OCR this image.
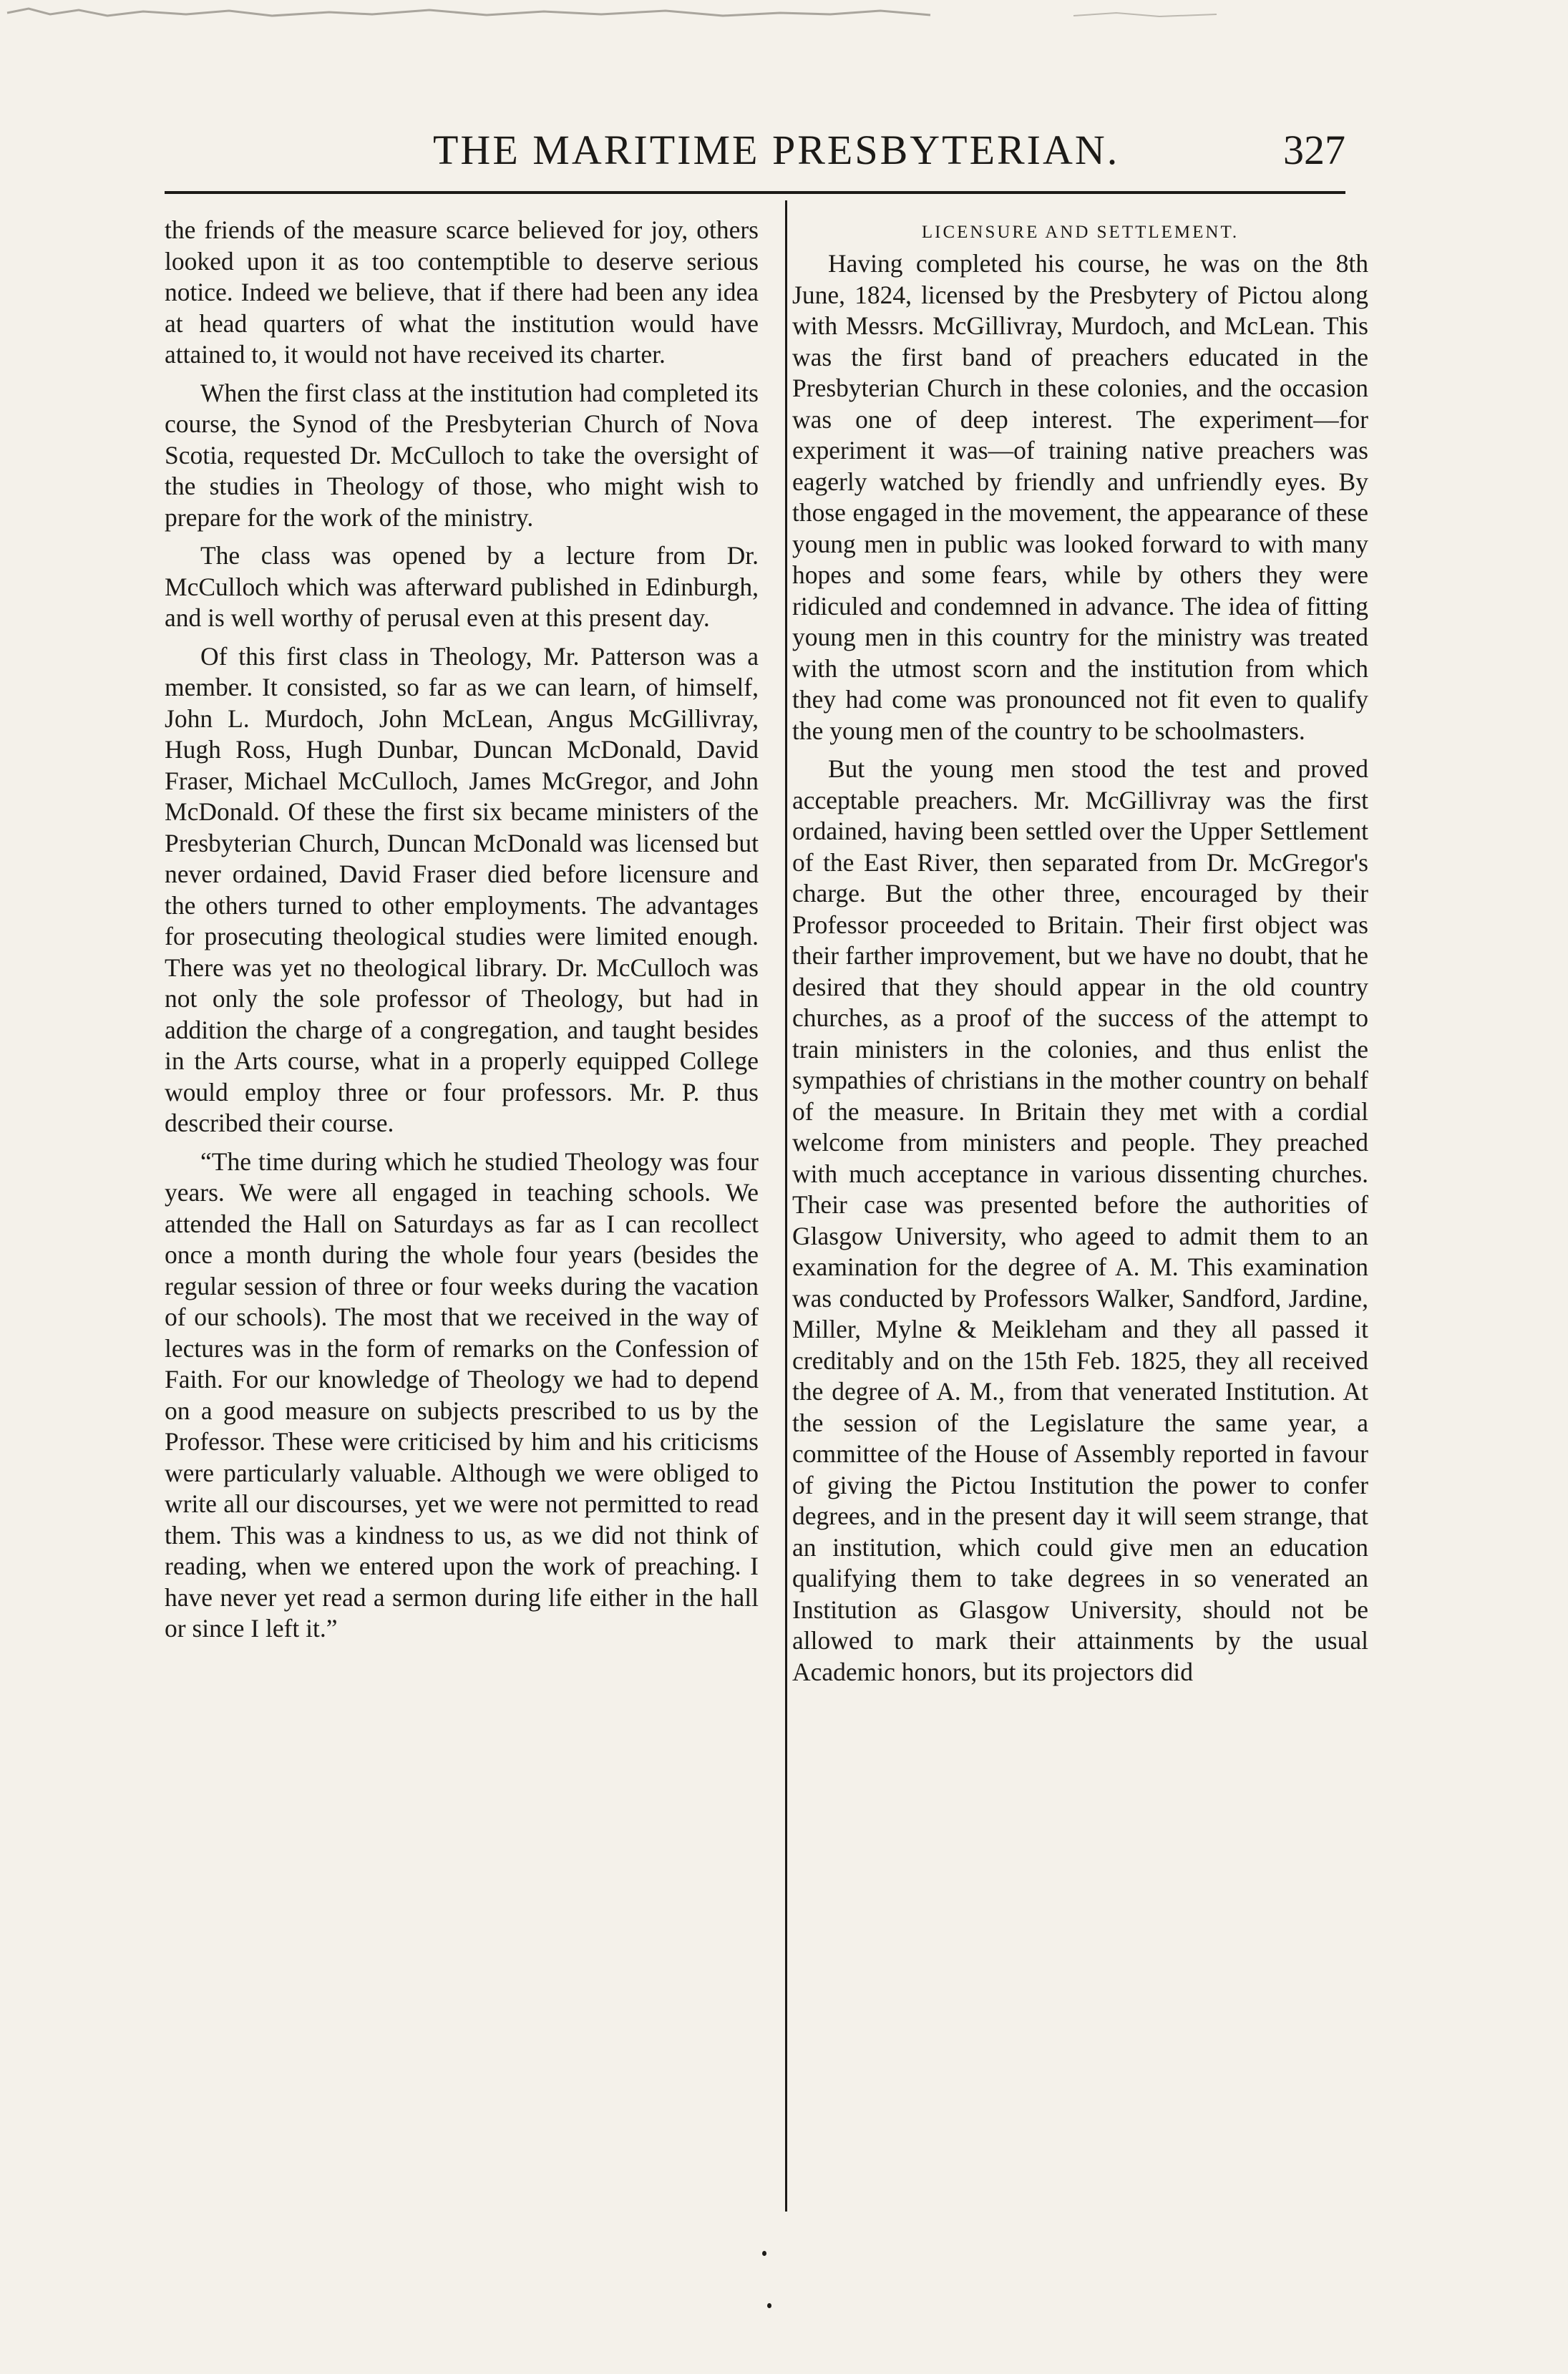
THE MARITIME PRESBYTERIAN.	327

the friends of the measure scarce believed for joy, others looked upon it as too contemptible to deserve serious notice. Indeed we believe, that if there had been any idea at head quarters of what the institution would have attained to, it would not have received its charter.

When the first class at the institution had completed its course, the Synod of the Presbyterian Church of Nova Scotia, requested Dr. McCulloch to take the oversight of the studies in Theology of those, who might wish to prepare for the work of the ministry.

The class was opened by a lecture from Dr. McCulloch which was afterward published in Edinburgh, and is well worthy of perusal even at this present day.

Of this first class in Theology, Mr. Patterson was a member. It consisted, so far as we can learn, of himself, John L. Murdoch, John McLean, Angus McGillivray, Hugh Ross, Hugh Dunbar, Duncan McDonald, David Fraser, Michael McCulloch, James McGregor, and John McDonald. Of these the first six became ministers of the Presbyterian Church, Duncan McDonald was licensed but never ordained, David Fraser died before licensure and the others turned to other employments. The advantages for prosecuting theological studies were limited enough. There was yet no theological library. Dr. McCulloch was not only the sole professor of Theology, but had in addition the charge of a congregation, and taught besides in the Arts course, what in a properly equipped College would employ three or four professors. Mr. P. thus described their course.

“The time during which he studied Theology was four years. We were all engaged in teaching schools. We attended the Hall on Saturdays as far as I can recollect once a month during the whole four years (besides the regular session of three or four weeks during the vacation of our schools). The most that we received in the way of lectures was in the form of remarks on the Confession of Faith. For our knowledge of Theology we had to depend on a good measure on subjects prescribed to us by the Professor. These were criticised by him and his criticisms were particularly valuable. Although we were obliged to write all our discourses, yet we were not permitted to read them. This was a kindness to us, as we did not think of reading, when we entered upon the work of preaching. I have never yet read a sermon during life either in the hall or since I left it.”

LICENSURE AND SETTLEMENT.

Having completed his course, he was on the 8th June, 1824, licensed by the Presbytery of Pictou along with Messrs. McGillivray, Murdoch, and McLean. This was the first band of preachers educated in the Presbyterian Church in these colonies, and the occasion was one of deep interest. The experiment—for experiment it was—of training native preachers was eagerly watched by friendly and unfriendly eyes. By those engaged in the movement, the appearance of these young men in public was looked forward to with many hopes and some fears, while by others they were ridiculed and condemned in advance. The idea of fitting young men in this country for the ministry was treated with the utmost scorn and the institution from which they had come was pronounced not fit even to qualify the young men of the country to be schoolmasters.

But the young men stood the test and proved acceptable preachers. Mr. McGillivray was the first ordained, having been settled over the Upper Settlement of the East River, then separated from Dr. McGregor's charge. But the other three, encouraged by their Professor proceeded to Britain. Their first object was their farther improvement, but we have no doubt, that he desired that they should appear in the old country churches, as a proof of the success of the attempt to train ministers in the colonies, and thus enlist the sympathies of christians in the mother country on behalf of the measure. In Britain they met with a cordial welcome from ministers and people. They preached with much acceptance in various dissenting churches. Their case was presented before the authorities of Glasgow University, who ageed to admit them to an examination for the degree of A. M. This examination was conducted by Professors Walker, Sandford, Jardine, Miller, Mylne & Meikleham and they all passed it creditably and on the 15th Feb. 1825, they all received the degree of A. M., from that venerated Institution. At the session of the Legislature the same year, a committee of the House of Assembly reported in favour of giving the Pictou Institution the power to confer degrees, and in the present day it will seem strange, that an institution, which could give men an education qualifying them to take degrees in so venerated an Institution as Glasgow University, should not be allowed to mark their attainments by the usual Academic honors, but its projectors did
